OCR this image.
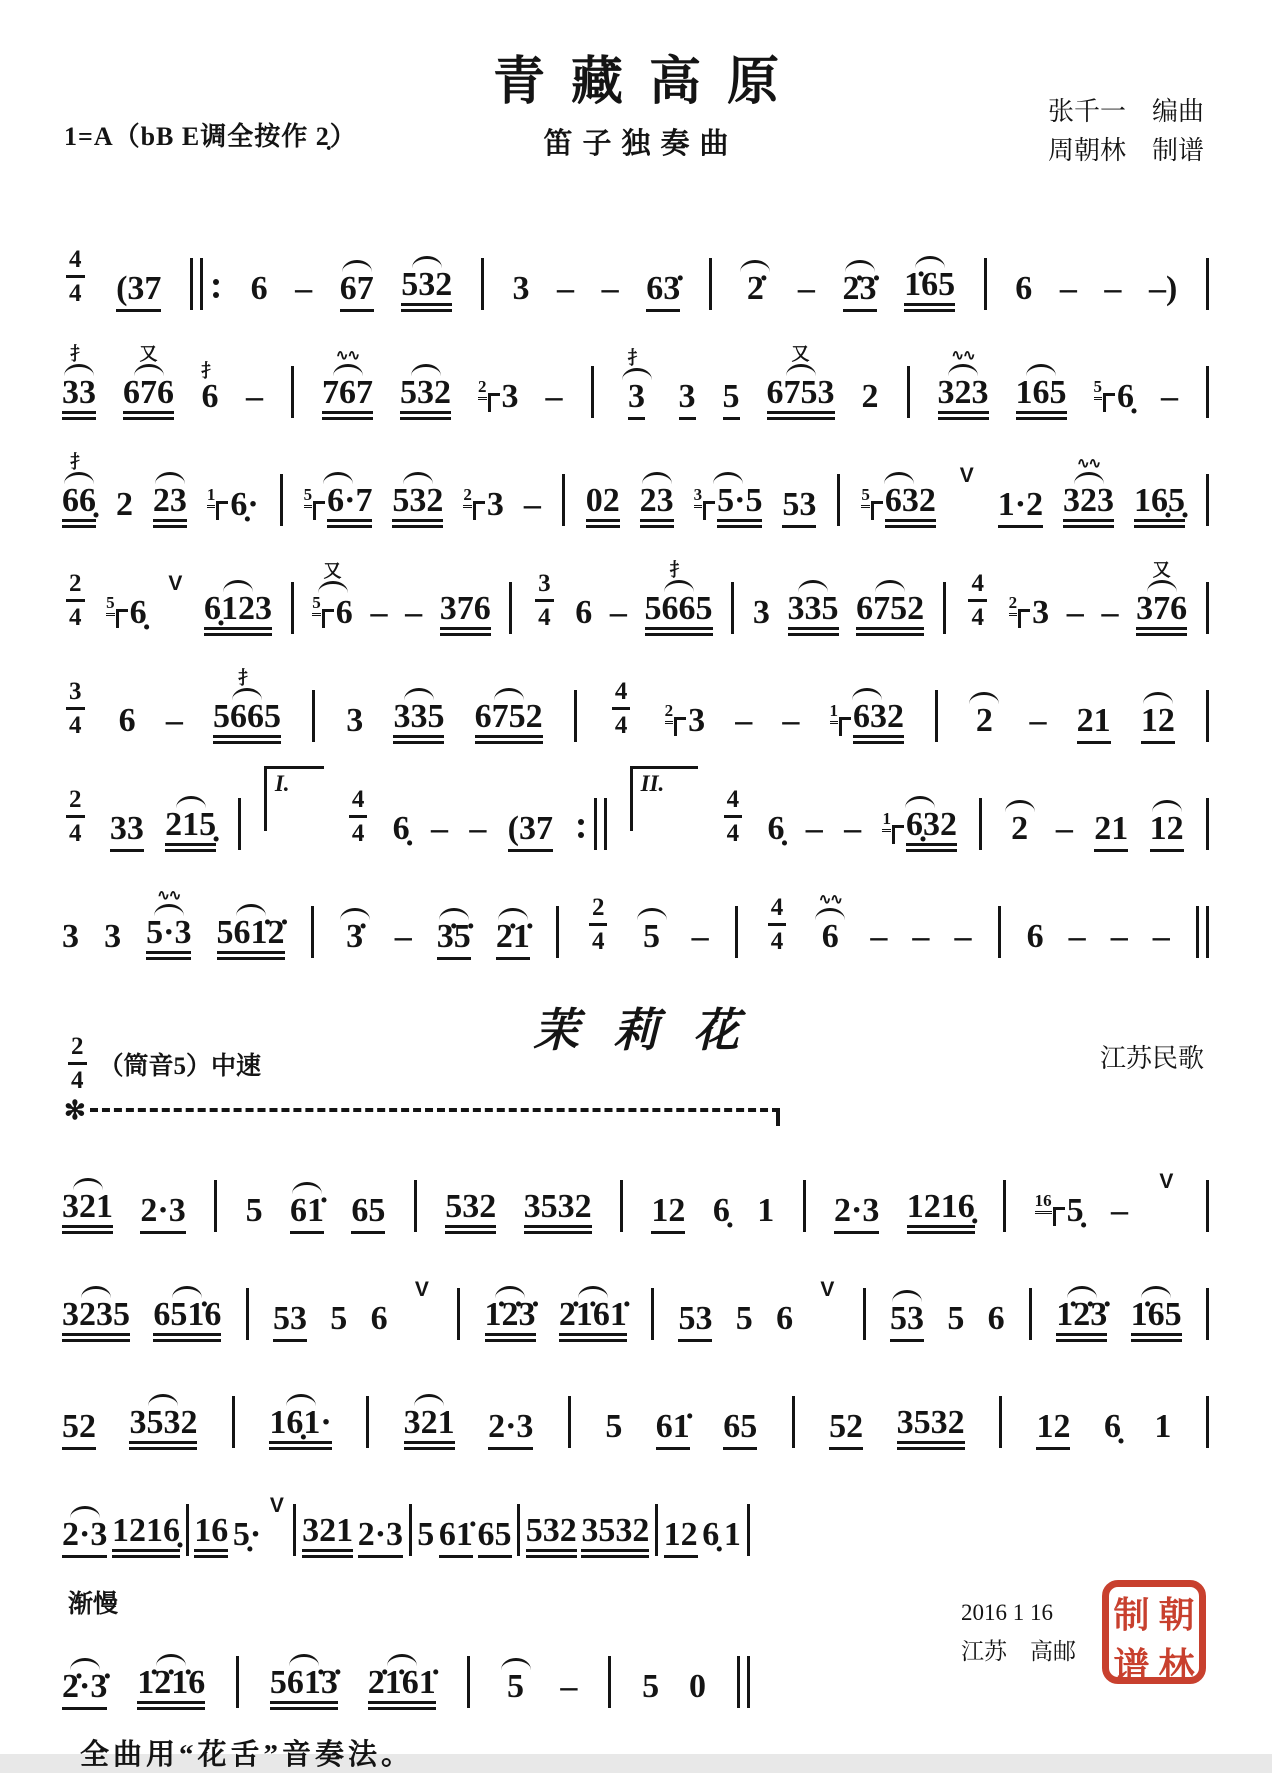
青藏高原
笛子独奏曲
1=A（bB E调全按作 2̣）
张千一　编曲
周朝林　制谱
$\frac{4}{4} (37$	6 – 67 532 3 – – 63̇ 2̇ – 2̇3̇ 1̇65 6 – – –)
扌
33
又
676
扌
6 –
∿∿
767 532 2 3 –
扌
3 3 5
又
6753 2
∿∿
323 165 5 6̣ –
扌
66̣ 2 23 1 6̣·	5 6·7 532 2 3 – 02 23 3 5·5 53	5 632
V
1·2
∿∿
323 16̣5̣
$\frac{2}{4} 5$ 6̣
V
6̣123
又
5 6 – – $376 \frac{3}{4} 6$ –
扌
5665 3 335 $6752 \frac{4}{4} 2$ 3 – –
又
376
$\frac{3}{4} 6$ –
扌
5665 3 335 6752	$\frac{4}{4} 2$ 3 – – 1 632 2 – 21 12
$\frac{2}{4} 33$ 215̣
I.
$\frac{4}{4}$ 6̣ – – (37
II.
$\frac{4}{4}$ 6̣ – – 1 6̣32 2 – 21 12
3 3
∿∿
5·3 561̇2̇ 3̇ – 3̇5̇ 2̇1̇ $\frac{2}{4} 5 - \frac{4}{4}$ ∿∿
6 – – – 6 – – –
茉莉花
$\frac{2}{4}$ （筒音5）中速	江苏民歌
✻
321 2·3 5 61̇ 65 532 3532 12 6̣ 1 2·3 1216̣	16 5̣ –
V
3235 651̇6 53 5 6
V
1̇2̇3̇ 2̇1̇61̇ 53 5 6
V
53 5 6 1̇2̇3̇ 1̇65
52 3532 16̣1· 321 2·3 5 61̇ 65 52 3532 12 6̣ 1
2·3 1216̣ 16 5̣·
V
321 2·3 5 61̇ 65 532 3532 12 6̣ 1
渐慢
2̇·3̇ 1̇2̇1̇6 561̇3̇ 2̇1̇61̇ 5 – 5 0
全曲用“花舌”音奏法。
2016 1 16
江苏　高邮
制 朝
谱 林
